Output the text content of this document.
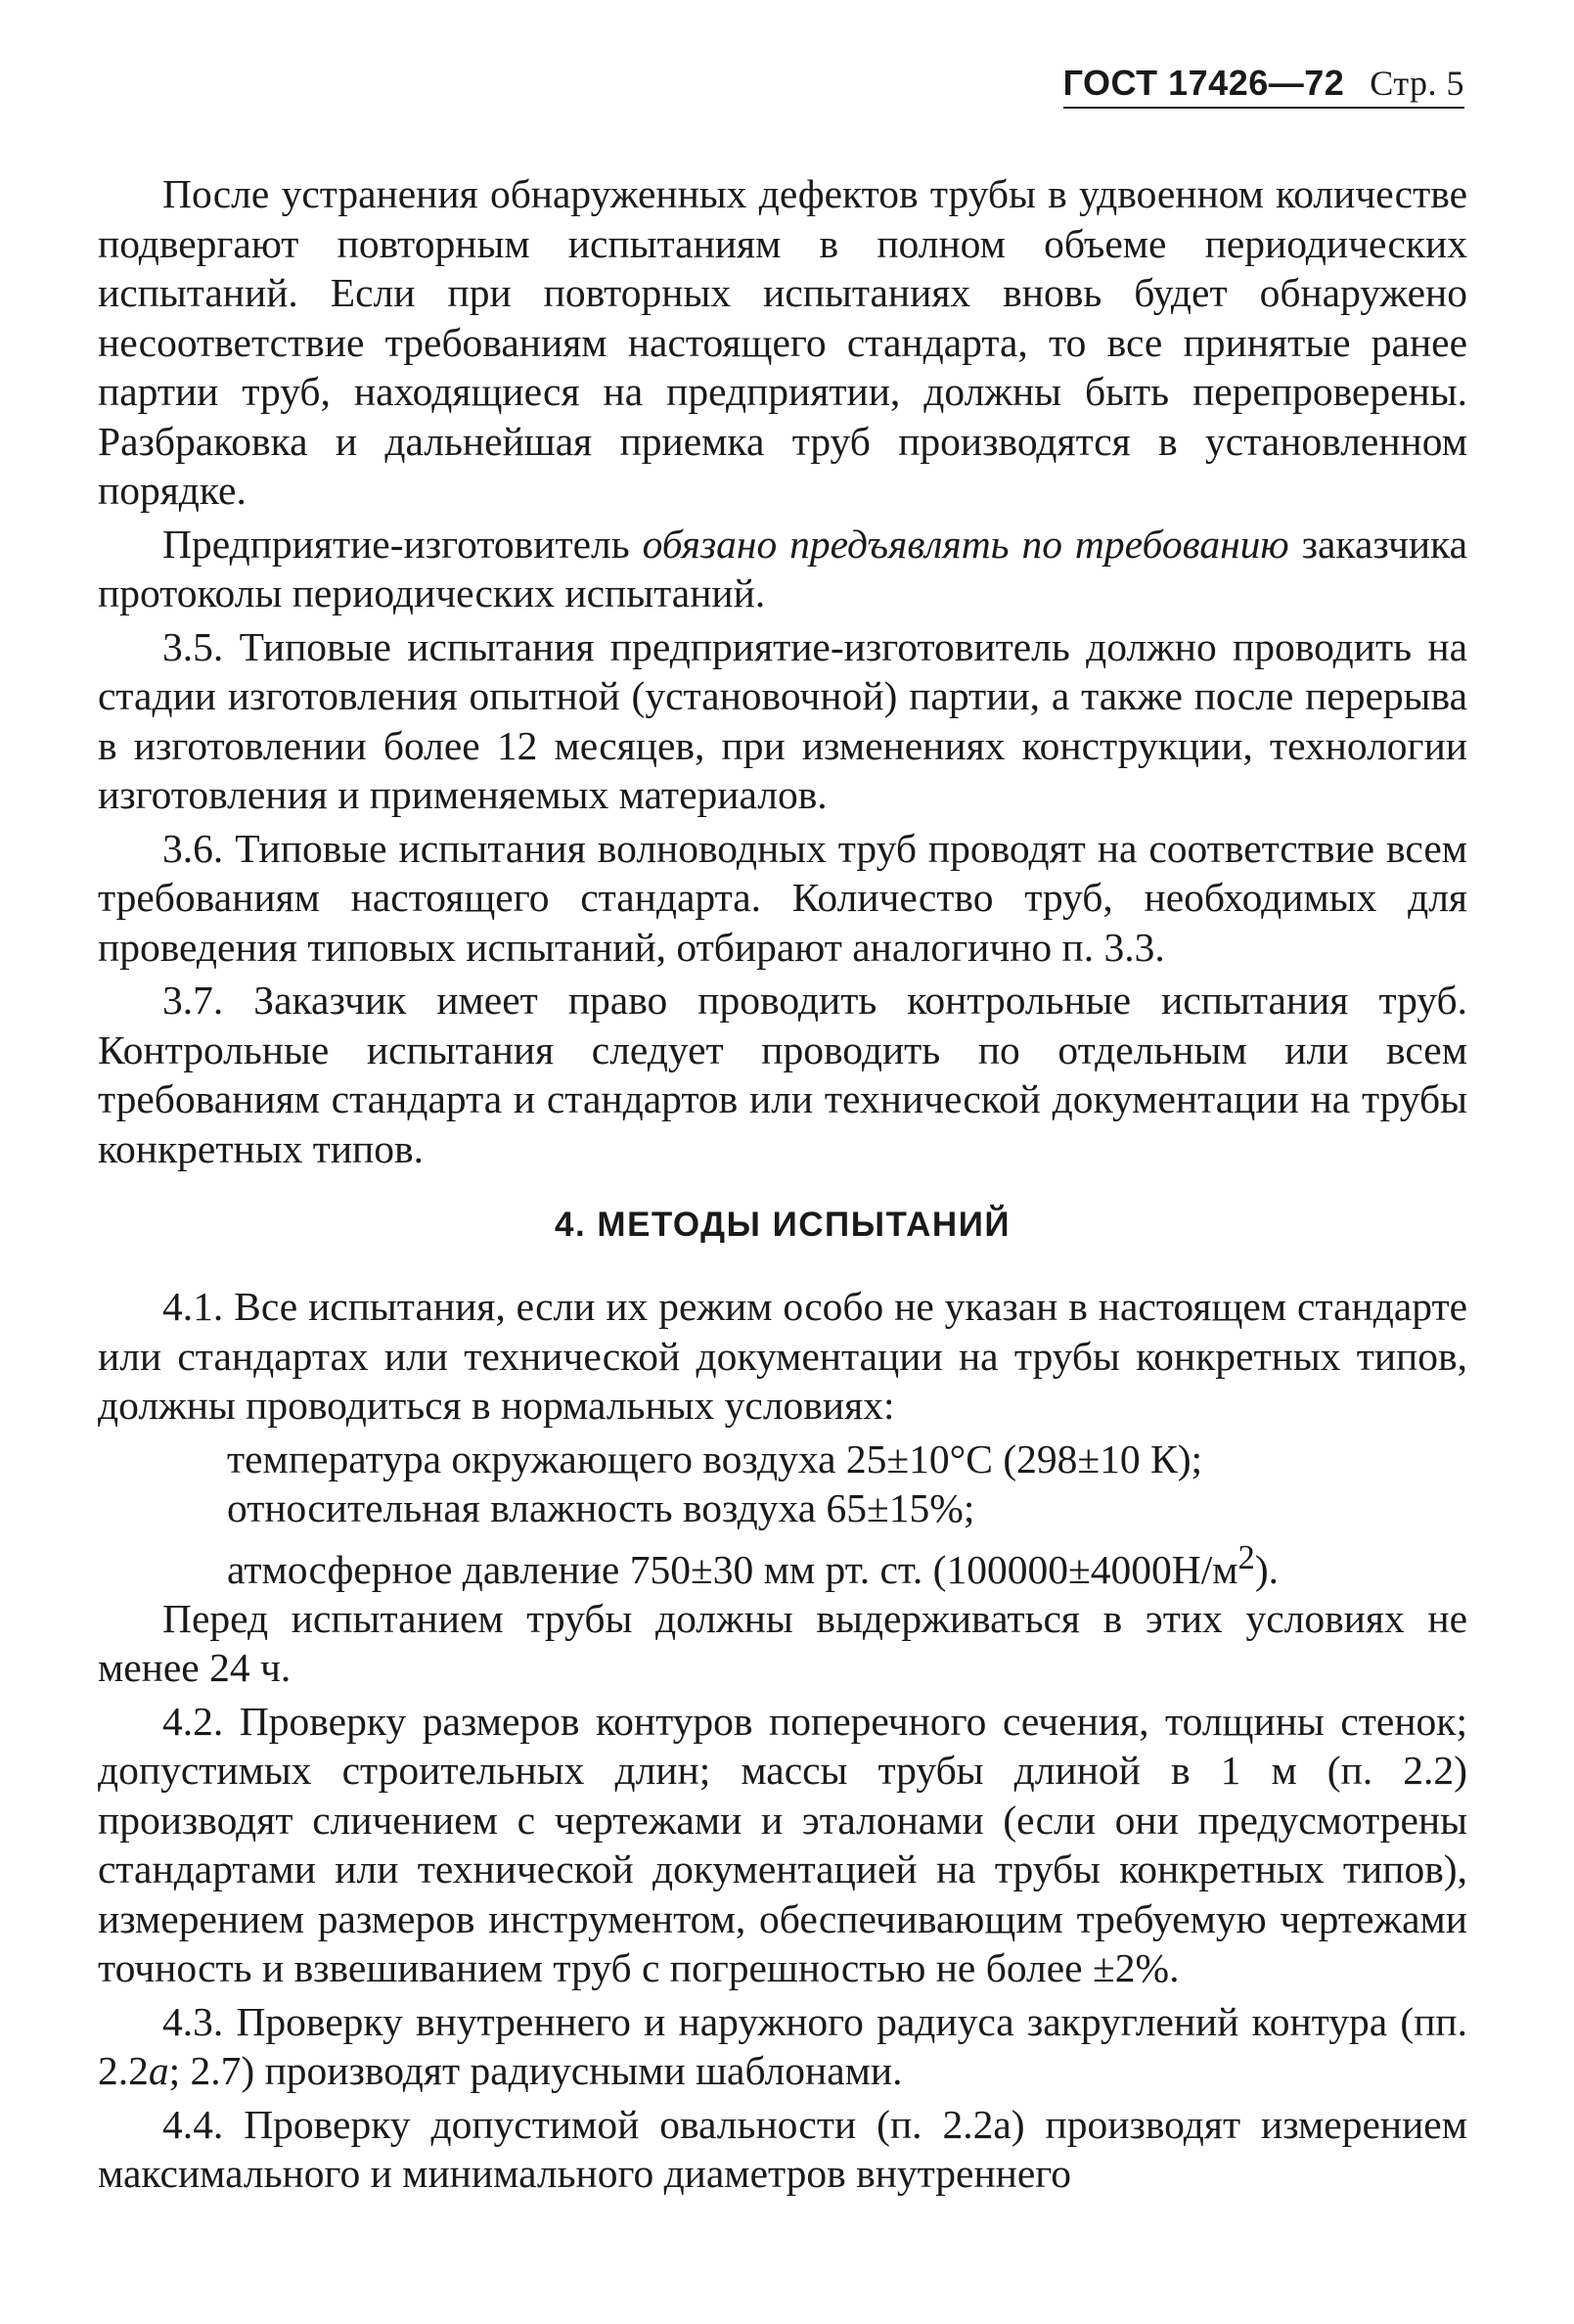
ГОСТ 17426—72 Стр. 5

После устранения обнаруженных дефектов трубы в удвоенном количестве подвергают повторным испытаниям в полном объеме периодических испытаний. Если при повторных испытаниях вновь будет обнаружено несоответствие требованиям настоящего стандарта, то все принятые ранее партии труб, находящиеся на предприятии, должны быть перепроверены. Разбраковка и дальнейшая приемка труб производятся в установленном порядке.

Предприятие-изготовитель обязано предъявлять по требованию заказчика протоколы периодических испытаний.

3.5. Типовые испытания предприятие-изготовитель должно проводить на стадии изготовления опытной (установочной) партии, а также после перерыва в изготовлении более 12 месяцев, при изменениях конструкции, технологии изготовления и применяемых материалов.

3.6. Типовые испытания волноводных труб проводят на соответствие всем требованиям настоящего стандарта. Количество труб, необходимых для проведения типовых испытаний, отбирают аналогично п. 3.3.

3.7. Заказчик имеет право проводить контрольные испытания труб. Контрольные испытания следует проводить по отдельным или всем требованиям стандарта и стандартов или технической документации на трубы конкретных типов.

4. МЕТОДЫ ИСПЫТАНИЙ

4.1. Все испытания, если их режим особо не указан в настоящем стандарте или стандартах или технической документации на трубы конкретных типов, должны проводиться в нормальных условиях:

температура окружающего воздуха 25±10°С (298±10 К);

относительная влажность воздуха 65±15%;

атмосферное давление 750±30 мм рт. ст. $(100000\pm 4000Н/м^2)$.

Перед испытанием трубы должны выдерживаться в этих условиях не менее 24 ч.

4.2. Проверку размеров контуров поперечного сечения, толщины стенок; допустимых строительных длин; массы трубы длиной в 1 м (п. 2.2) производят сличением с чертежами и эталонами (если они предусмотрены стандартами или технической документацией на трубы конкретных типов), измерением размеров инструментом, обеспечивающим требуемую чертежами точность и взвешиванием труб с погрешностью не более ±2%.

4.3. Проверку внутреннего и наружного радиуса закруглений контура (пп. 2.2а; 2.7) производят радиусными шаблонами.

4.4. Проверку допустимой овальности (п. 2.2а) производят измерением максимального и минимального диаметров внутреннего
